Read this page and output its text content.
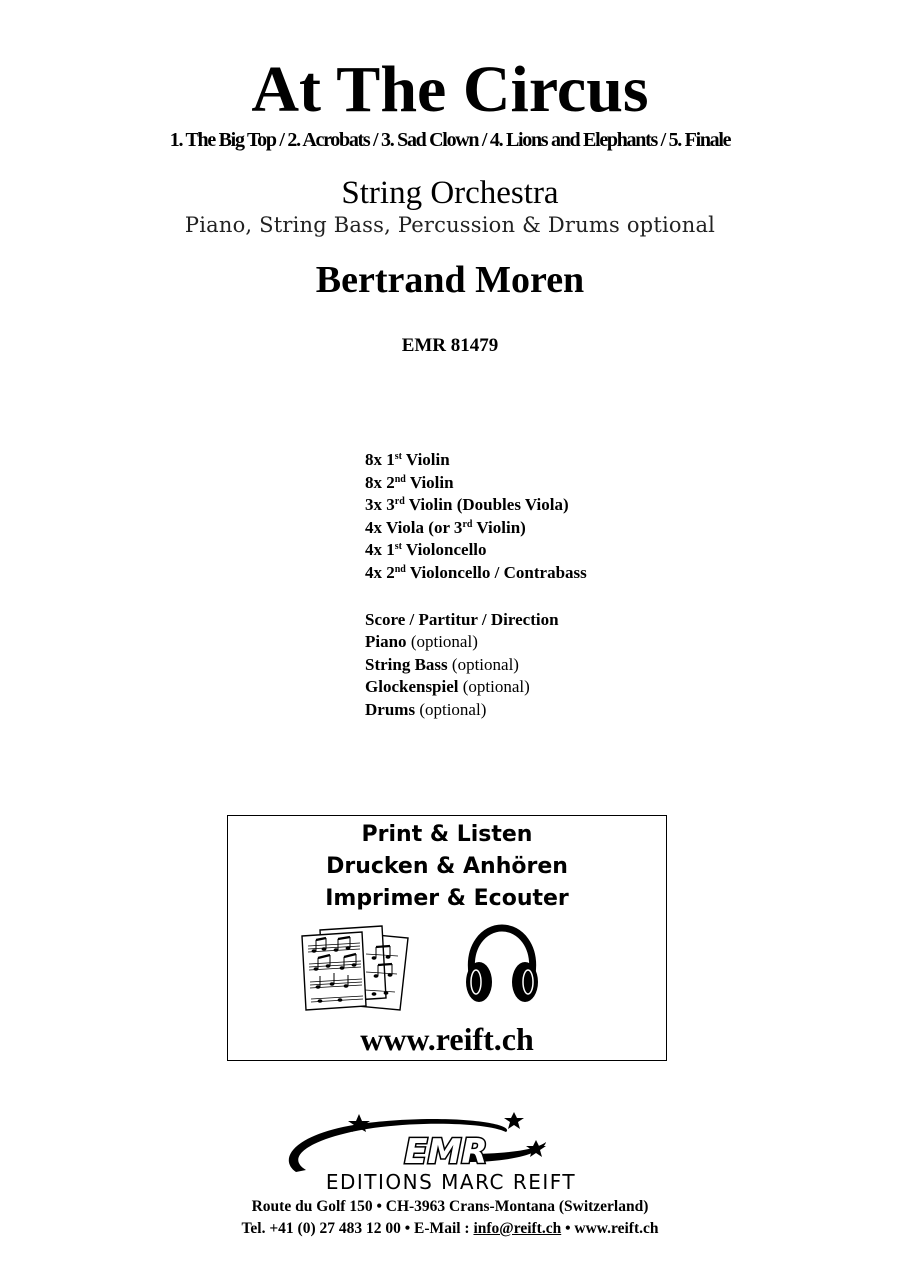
At The Circus
1. The Big Top / 2. Acrobats / 3. Sad Clown / 4. Lions and Elephants / 5. Finale
String Orchestra
Piano, String Bass, Percussion & Drums optional
Bertrand Moren
EMR 81479
8x 1st Violin
8x 2nd Violin
3x 3rd Violin (Doubles Viola)
4x Viola (or 3rd Violin)
4x 1st Violoncello
4x 2nd Violoncello / Contrabass
Score / Partitur / Direction
Piano (optional)
String Bass (optional)
Glockenspiel (optional)
Drums (optional)
Print & Listen
Drucken & Anhören
Imprimer & Ecouter
www.reift.ch
EMR
EDITIONS MARC REIFT
Route du Golf 150 • CH-3963 Crans-Montana (Switzerland)
Tel. +41 (0) 27 483 12 00 • E-Mail : info@reift.ch • www.reift.ch
